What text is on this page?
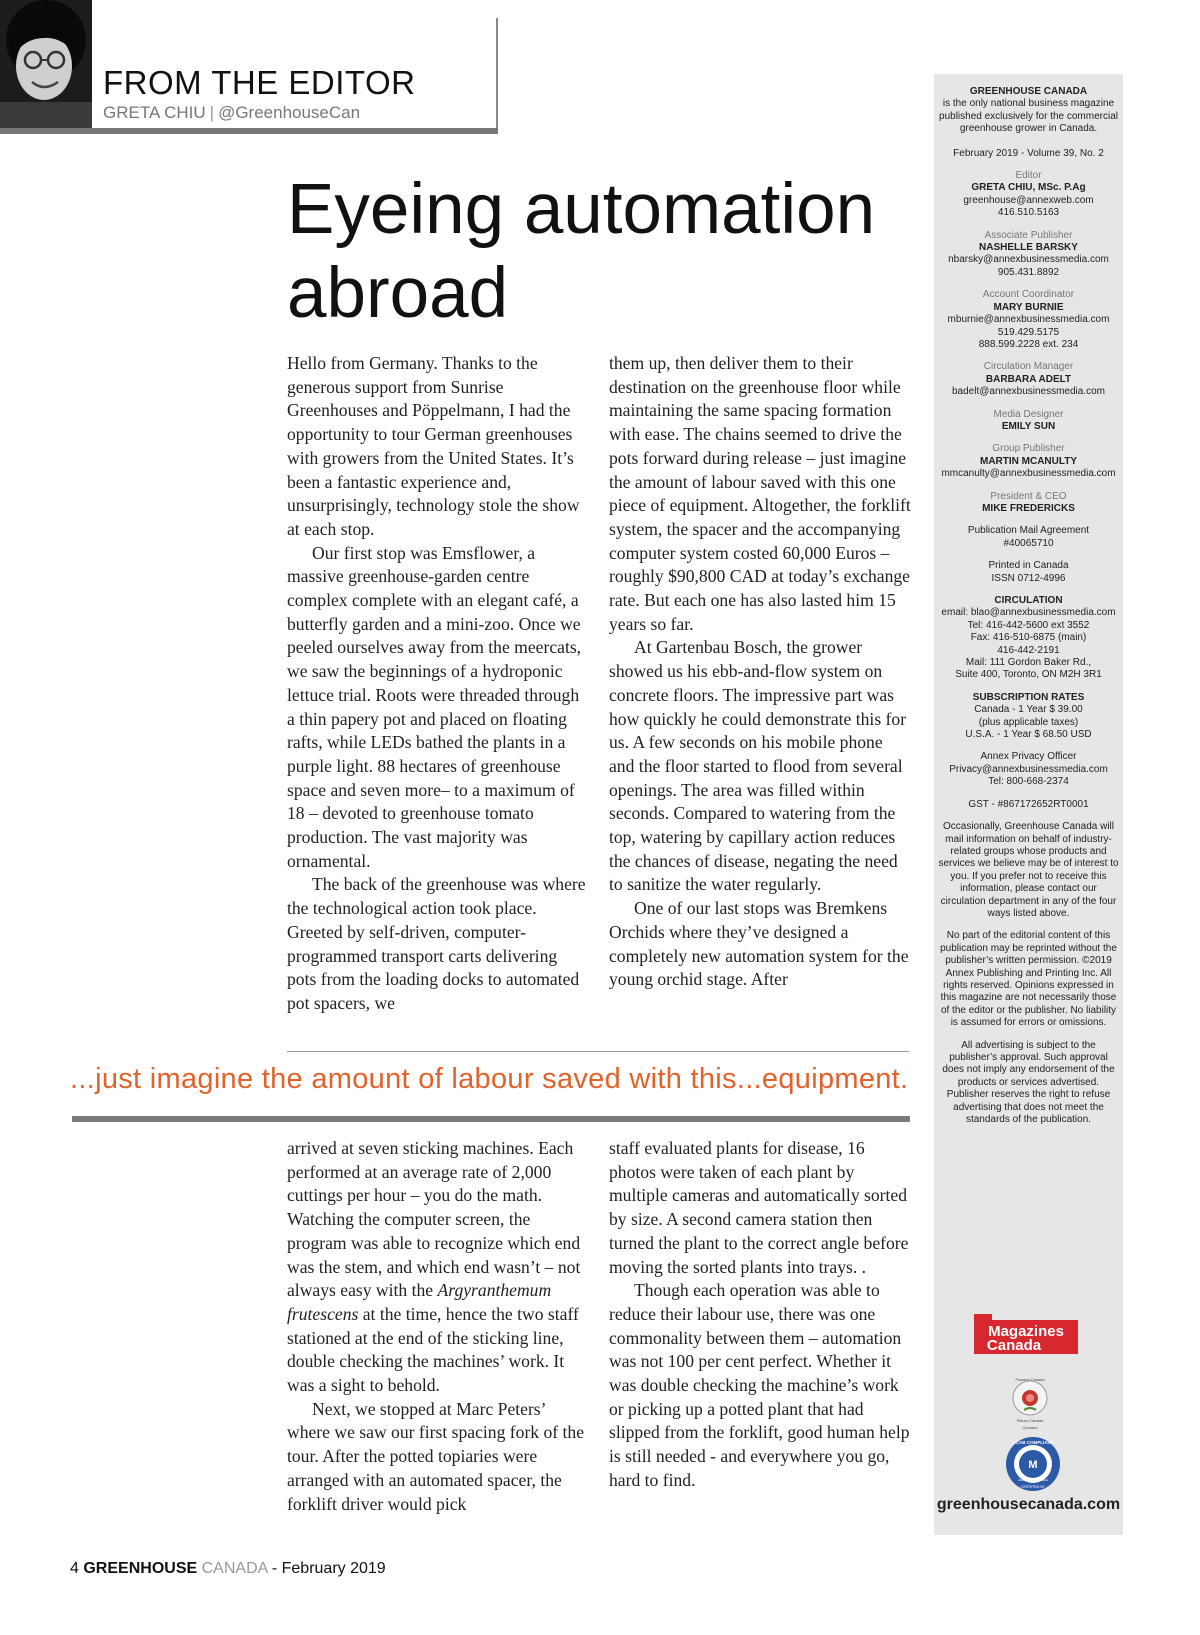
FROM THE EDITOR
GRETA CHIU | @GreenhouseCan
Eyeing automation abroad

Hello from Germany. Thanks to the generous support from Sunrise Greenhouses and Pöppelmann, I had the opportunity to tour German greenhouses with growers from the United States. It’s been a fantastic experience and, unsurprisingly, technology stole the show at each stop.

Our first stop was Emsflower, a massive greenhouse-garden centre complex complete with an elegant café, a butterfly garden and a mini-zoo. Once we peeled ourselves away from the meercats, we saw the beginnings of a hydroponic lettuce trial. Roots were threaded through a thin papery pot and placed on floating rafts, while LEDs bathed the plants in a purple light. 88 hectares of greenhouse space and seven more– to a maximum of 18 – devoted to greenhouse tomato production. The vast majority was ornamental.

The back of the greenhouse was where the technological action took place. Greeted by self-driven, computer-programmed transport carts delivering pots from the loading docks to automated pot spacers, we

them up, then deliver them to their destination on the greenhouse floor while maintaining the same spacing formation with ease. The chains seemed to drive the pots forward during release – just imagine the amount of labour saved with this one piece of equipment. Altogether, the forklift system, the spacer and the accompanying computer system costed 60,000 Euros – roughly $90,800 CAD at today’s exchange rate. But each one has also lasted him 15 years so far.

At Gartenbau Bosch, the grower showed us his ebb-and-flow system on concrete floors. The impressive part was how quickly he could demonstrate this for us. A few seconds on his mobile phone and the floor started to flood from several openings. The area was filled within seconds. Compared to watering from the top, watering by capillary action reduces the chances of disease, negating the need to sanitize the water regularly.

One of our last stops was Bremkens Orchids where they’ve designed a completely new automation system for the young orchid stage. After

...just imagine the amount of labour saved with this...equipment.

arrived at seven sticking machines. Each performed at an average rate of 2,000 cuttings per hour – you do the math. Watching the computer screen, the program was able to recognize which end was the stem, and which end wasn’t – not always easy with the Argyranthemum frutescens at the time, hence the two staff stationed at the end of the sticking line, double checking the machines’ work. It was a sight to behold.

Next, we stopped at Marc Peters’ where we saw our first spacing fork of the tour. After the potted topiaries were arranged with an automated spacer, the forklift driver would pick

staff evaluated plants for disease, 16 photos were taken of each plant by multiple cameras and automatically sorted by size. A second camera station then turned the plant to the correct angle before moving the sorted plants into trays. .

Though each operation was able to reduce their labour use, there was one commonality between them – automation was not 100 per cent perfect. Whether it was double checking the machine’s work or picking up a potted plant that had slipped from the forklift, good human help is still needed - and everywhere you go, hard to find.

GREENHOUSE CANADA
is the only national business magazine published exclusively for the commercial greenhouse grower in Canada.
February 2019 - Volume 39, No. 2
Editor
GRETA CHIU, MSc. P.Ag
greenhouse@annexweb.com
416.510.5163
Associate Publisher
NASHELLE BARSKY
nbarsky@annexbusinessmedia.com
905.431.8892
Account Coordinator
MARY BURNIE
mburnie@annexbusinessmedia.com
519.429.5175
888.599.2228 ext. 234
Circulation Manager
BARBARA ADELT
badelt@annexbusinessmedia.com
Media Designer
EMILY SUN
Group Publisher
MARTIN MCANULTY
mmcanulty@annexbusinessmedia.com
President & CEO
MIKE FREDERICKS
Publication Mail Agreement
#40065710
Printed in Canada
ISSN 0712-4996
CIRCULATION
email: blao@annexbusinessmedia.com
Tel: 416-442-5600 ext 3552
Fax: 416-510-6875 (main)
416-442-2191
Mail: 111 Gordon Baker Rd.,
Suite 400, Toronto, ON M2H 3R1
SUBSCRIPTION RATES
Canada - 1 Year $ 39.00
(plus applicable taxes)
U.S.A. - 1 Year $ 68.50 USD
Annex Privacy Officer
Privacy@annexbusinessmedia.com
Tel: 800-668-2374
GST - #867172652RT0001
Occasionally, Greenhouse Canada will mail information on behalf of industry-related groups whose products and services we believe may be of interest to you. If you prefer not to receive this information, please contact our circulation department in any of the four ways listed above.
No part of the editorial content of this publication may be reprinted without the publisher’s written permission. ©2019 Annex Publishing and Printing Inc. All rights reserved. Opinions expressed in this magazine are not necessarily those of the editor or the publisher. No liability is assumed for errors or omissions.
All advertising is subject to the publisher’s approval. Such approval does not imply any endorsement of the products or services advertised. Publisher reserves the right to refuse advertising that does not meet the standards of the publication.
Magazines
Canada
Flowers Canada
Fleurs Canada
Growers
M
CCAB COMPLIANT
Alliance for Audited Media
CERTIFIED BY
greenhousecanada.com
4 GREENHOUSE CANADA - February 2019
